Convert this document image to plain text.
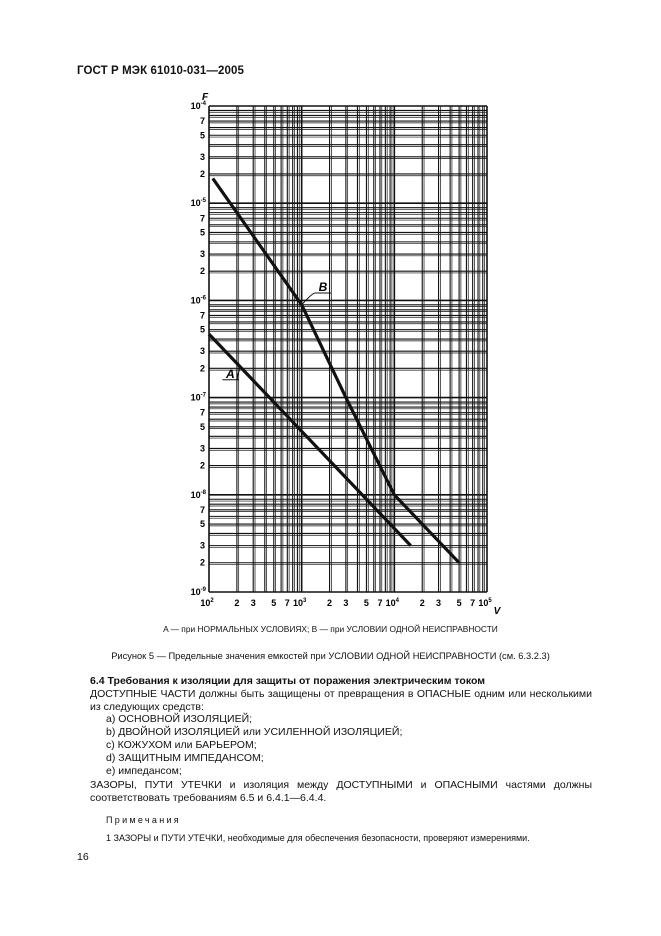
ГОСТ Р МЭК 61010-031—2005
$10^{-4}$
$10^{-5}$
$10^{-6}$
$10^{-7}$
$10^{-8}$
$10^{-9}$
2
3
5
7
2
3
5
7
2
3
5
7
2
3
5
7
2
3
5
7
F
$10^2$	$10^3$	$10^4$	$10^5$
2 3 5 7	2 3 5 7	2 3 5 7
V
A
B
A — при НОРМАЛЬНЫХ УСЛОВИЯХ; B — при УСЛОВИИ ОДНОЙ НЕИСПРАВНОСТИ
Рисунок 5 — Предельные значения емкостей при УСЛОВИИ ОДНОЙ НЕИСПРАВНОСТИ (см. 6.3.2.3)
6.4 Требования к изоляции для защиты от поражения электрическим током
ДОСТУПНЫЕ ЧАСТИ должны быть защищены от превращения в ОПАСНЫЕ одним или несколькими из следующих средств:
a) ОСНОВНОЙ ИЗОЛЯЦИЕЙ;
b) ДВОЙНОЙ ИЗОЛЯЦИЕЙ или УСИЛЕННОЙ ИЗОЛЯЦИЕЙ;
c) КОЖУХОМ или БАРЬЕРОМ;
d) ЗАЩИТНЫМ ИМПЕДАНСОМ;
e) импедансом;
ЗАЗОРЫ, ПУТИ УТЕЧКИ и изоляция между ДОСТУПНЫМИ и ОПАСНЫМИ частями должны соответствовать требованиям 6.5 и 6.4.1—6.4.4.
Примечания
1 ЗАЗОРЫ и ПУТИ УТЕЧКИ, необходимые для обеспечения безопасности, проверяют измерениями.
16
